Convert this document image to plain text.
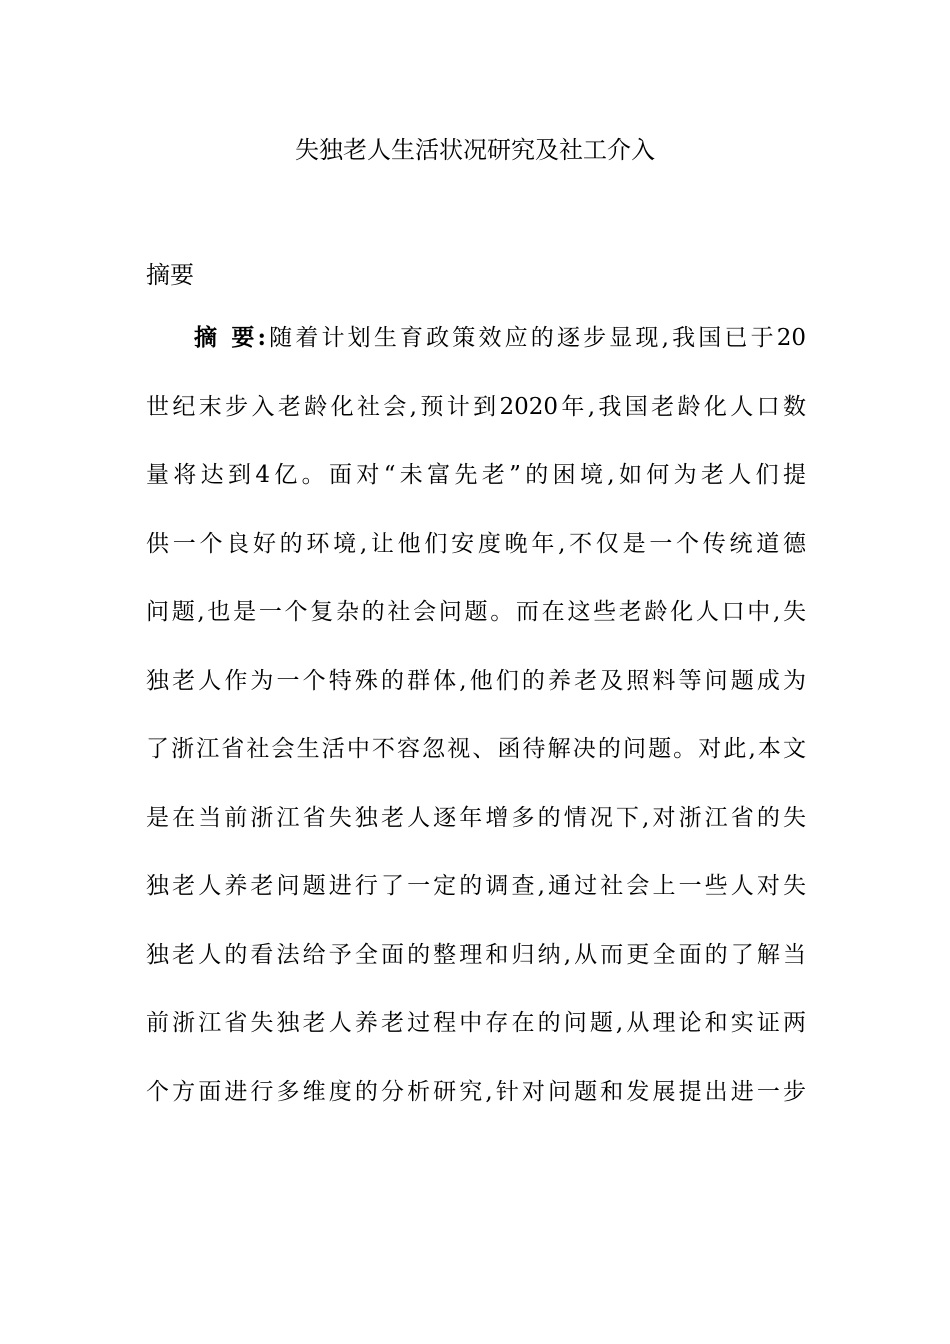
失独老人生活状况研究及社工介入
摘要
摘 要:随着计划生育政策效应的逐步显现,我国已于20
世纪末步入老龄化社会,预计到2020年,我国老龄化人口数
量将达到4亿。面对“未富先老”的困境,如何为老人们提
供一个良好的环境,让他们安度晚年,不仅是一个传统道德
问题,也是一个复杂的社会问题。而在这些老龄化人口中,失
独老人作为一个特殊的群体,他们的养老及照料等问题成为
了浙江省社会生活中不容忽视、函待解决的问题。对此,本文
是在当前浙江省失独老人逐年增多的情况下,对浙江省的失
独老人养老问题进行了一定的调查,通过社会上一些人对失
独老人的看法给予全面的整理和归纳,从而更全面的了解当
前浙江省失独老人养老过程中存在的问题,从理论和实证两
个方面进行多维度的分析研究,针对问题和发展提出进一步
